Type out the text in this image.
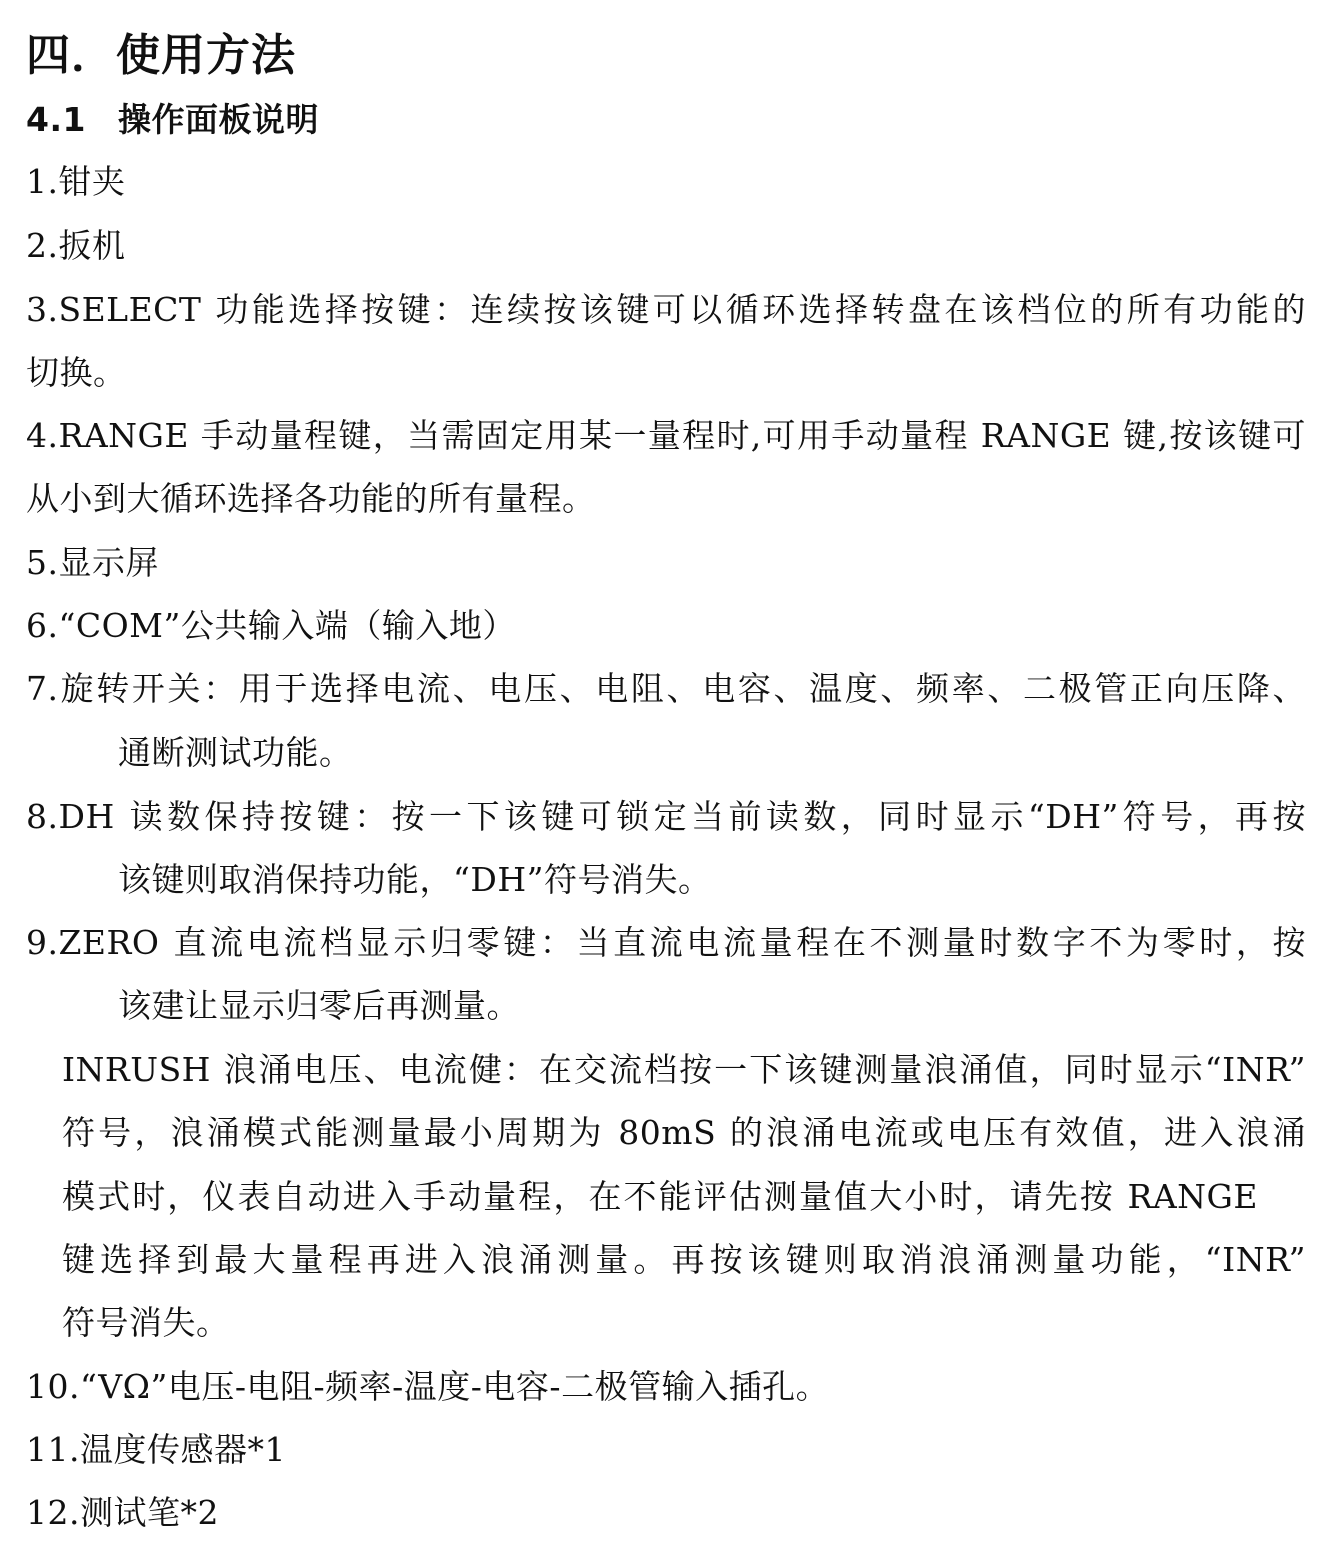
四．使用方法
4.1 操作面板说明
1.钳夹
2.扳机
3.SELECT 功能选择按键：连续按该键可以循环选择转盘在该档位的所有功能的
切换。
4.RANGE 手动量程键，当需固定用某一量程时,可用手动量程 RANGE 键,按该键可
从小到大循环选择各功能的所有量程。
5.显示屏
6.“COM”公共输入端（输入地）
7.旋转开关：用于选择电流、电压、电阻、电容、温度、频率、二极管正向压降、
通断测试功能。
8.DH 读数保持按键：按一下该键可锁定当前读数，同时显示“DH”符号，再按
该键则取消保持功能，“DH”符号消失。
9.ZERO 直流电流档显示归零键：当直流电流量程在不测量时数字不为零时，按
该建让显示归零后再测量。
INRUSH 浪涌电压、电流健：在交流档按一下该键测量浪涌值，同时显示“INR”
符号，浪涌模式能测量最小周期为 80mS 的浪涌电流或电压有效值，进入浪涌
模式时，仪表自动进入手动量程，在不能评估测量值大小时，请先按 RANGE
键选择到最大量程再进入浪涌测量。再按该键则取消浪涌测量功能，“INR”
符号消失。
10.“VΩ”电压-电阻-频率-温度-电容-二极管输入插孔。
11.温度传感器*1
12.测试笔*2
